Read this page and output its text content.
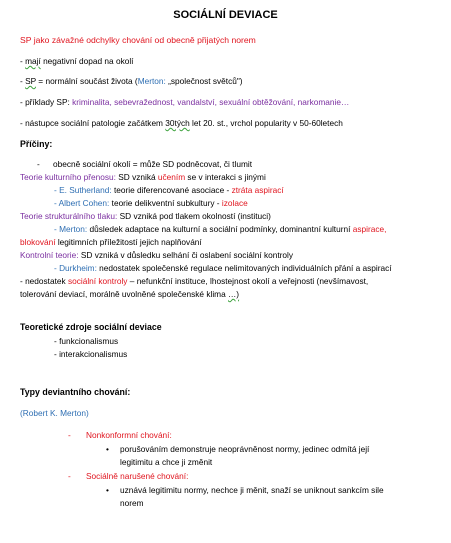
SOCIÁLNÍ DEVIACE
SP jako závažné odchylky chování od obecně přijatých norem
- mají negativní dopad na okolí
- SP = normální součást života (Merton: „společnost světců")
- příklady SP: kriminalita, sebevražednost, vandalství, sexuální obtěžování, narkomanie…
- nástupce sociální patologie začátkem 30tých let 20. st., vrchol popularity v 50-60letech
Příčiny:
- obecně sociální okolí = může SD podněcovat, či tlumit
Teorie kulturního přenosu: SD vzniká učením se v interakci s jinými
- E. Sutherland: teorie diferencované asociace - ztráta aspirací
- Albert Cohen: teorie delikventní subkultury - izolace
Teorie strukturálního tlaku: SD vzniká pod tlakem okolností (instituci)
- Merton: důsledek adaptace na kulturní a sociální podmínky, dominantní kulturní aspirace,
blokování legitimních příležitostí jejich naplňování
Kontrolní teorie: SD vzniká v důsledku selhání či oslabení sociální kontroly
- Durkheim: nedostatek společenské regulace nelimitovaných individuálních přání a aspirací
- nedostatek sociální kontroly – nefunkční instituce, lhostejnost okolí a veřejnosti (nevšímavost,
tolerování deviací, morálně uvolněné společenské klima …)
Teoretické zdroje sociální deviace
- funkcionalismus
- interakcionalismus
Typy deviantního chování:
(Robert K. Merton)
- Nonkonformní chování:
• porušováním demonstruje neoprávněnost normy, jedinec odmítá její
legitimitu a chce ji změnit
- Sociálně narušené chování:
• uznává legitimitu normy, nechce ji měnit, snaží se uniknout sankcím sile
norem
